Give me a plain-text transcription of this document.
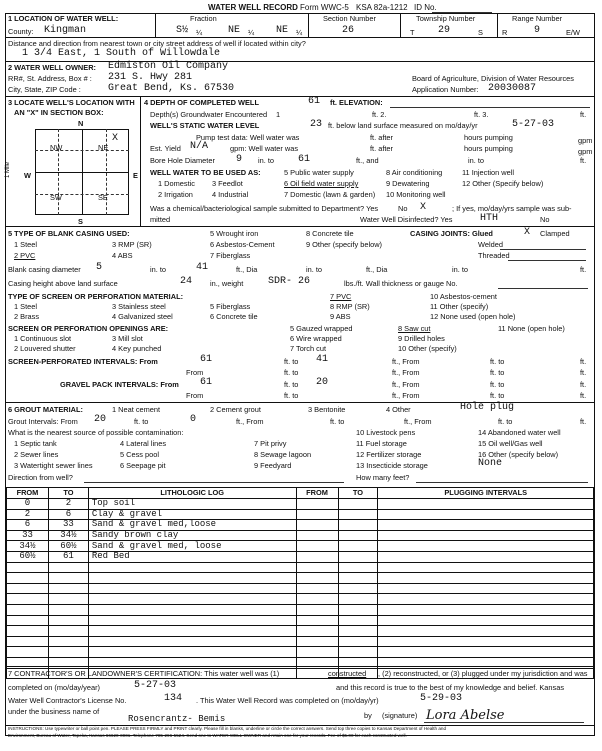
WATER WELL RECORD Form WWC-5 KSA 82a-1212 ID No.
1 LOCATION OF WATER WELL:	Fraction	Section Number	Township Number	Range Number
County: Kingman	S½ ¼	NE ¼ NE ¼	26	T 29	S	R	9	E/W
Distance and direction from nearest town or city street address of well if located within city?
1 3/4 East, 1 South of Willowdale
2 WATER WELL OWNER: Edmiston Oil Company
RR#, St. Address, Box # : 231 S. Hwy 281
City, State, ZIP Code :	Great Bend, Ks. 67530
Board of Agriculture, Division of Water Resources
Application Number: 20030087
3 LOCATE WELL'S LOCATION WITH
AN "X" IN SECTION BOX:
N
S
W	E
1 Mile
NW	NE
SW	SE
X
4 DEPTH OF COMPLETED WELL	61 ft. ELEVATION:
Depth(s) Groundwater Encountered 1	ft. 2.	ft. 3.	ft.
WELL'S STATIC WATER LEVEL	23 ft. below land surface measured on mo/day/yr	5-27-03
Pump test data: Well water was	ft. after	hours pumping	gpm
Est. Yield N/A	gpm: Well water was	ft. after	hours pumping	gpm
Bore Hole Diameter 9 in. to 61	ft., and	in. to	ft.
WELL WATER TO BE USED AS:	5 Public water supply	8 Air conditioning	11 Injection well
1 Domestic 3 Feedlot	6 Oil field water supply	9 Dewatering	12 Other (Specify below)
2 Irrigation	4 Industrial	7 Domestic (lawn & garden) 10 Monitoring well
Was a chemical/bacteriological sample submitted to Department? Yes	No X	; If yes, mo/day/yrs sample was sub-
mitted	Water Well Disinfected? Yes	HTH	No
5 TYPE OF BLANK CASING USED:
1 Steel	3 RMP (SR)
5 Wrought iron
6 Asbestos-Cement
7 Fiberglass
8 Concrete tile
9 Other (specify below)
2 PVC	4 ABS
CASING JOINTS: Glued	X Clamped
Welded
Threaded
Blank casing diameter 5	in. to	41	ft., Dia	in. to	ft., Dia	in. to	ft.
Casing height above land surface	24 in., weight SDR- 26	lbs./ft. Wall thickness or gauge No.
TYPE OF SCREEN OR PERFORATION MATERIAL:
1 Steel	3 Stainless steel	5 Fiberglass
7 PVC	10 Asbestos-cement
2 Brass	4 Galvanized steel	6 Concrete tile
8 RMP (SR)	11 Other (specify)
9 ABS	12 None used (open hole)
SCREEN OR PERFORATION OPENINGS ARE:	5 Gauzed wrapped	8 Saw cut	11 None (open hole)
1 Continuous slot	3 Mill slot	6 Wire wrapped	9 Drilled holes
2 Louvered shutter	4 Key punched	7 Torch cut	10 Other (specify)
SCREEN-PERFORATED INTERVALS: From	61	ft. to 41	ft., From	ft. to	ft.
From	ft. to	ft., From	ft. to	ft.
GRAVEL PACK INTERVALS: From 61	ft. to 20	ft., From	ft. to	ft.
From	ft. to	ft., From	ft. to	ft.
6 GROUT MATERIAL:	1 Neat cement	2 Cement grout	3 Bentonite	4 Other	Hole plug
Grout Intervals: From 20	ft. to	0	ft., From	ft. to	ft., From	ft. to	ft.
What is the nearest source of possible contamination:
1 Septic tank	4 Lateral lines	7 Pit privy
10 Livestock pens	14 Abandoned water well
2 Sewer lines	5 Cess pool	8 Sewage lagoon
11 Fuel storage	15 Oil well/Gas well
3 Watertight sewer lines	6 Seepage pit	9 Feedyard
12 Fertilizer storage	16 Other (specify below)
13 Insecticide storage	None
Direction from well?	How many feet?
FROM	TO	LITHOLOGIC LOG	FROM	TO	PLUGGING INTERVALS
0	2	Top soil			
2	6	Clay & gravel			
6	33	Sand & gravel med,loose			
33	34½	Sandy brown clay			
34½	60½	Sand & gravel med, loose			
60½	61	Red Bed			

7 CONTRACTOR'S OR LANDOWNER'S CERTIFICATION: This water well was (1)	constructed , (2) reconstructed, or (3) plugged under my jurisdiction and was
completed on (mo/day/year)	5-27-03	and this record is true to the best of my knowledge and belief. Kansas
Water Well Contractor's License No.	134 . This Water Well Record was completed on (mo/day/yr)	5-29-03
under the business name of
Rosencrantz- Bemis	by (signature) Lora Abelse
INSTRUCTIONS: Use typewriter or ball point pen. PLEASE PRESS FIRMLY and PRINT clearly. Please fill in blanks, underline or circle the correct answers. Send top three copies to Kansas Department of Health and
Environment, Bureau of Water, Topeka, Kansas 66620-0001. Telephone 785-296-5524. Send one to WATER WELL OWNER and retain one for your records. Fee of $5.00 for each constructed well.
